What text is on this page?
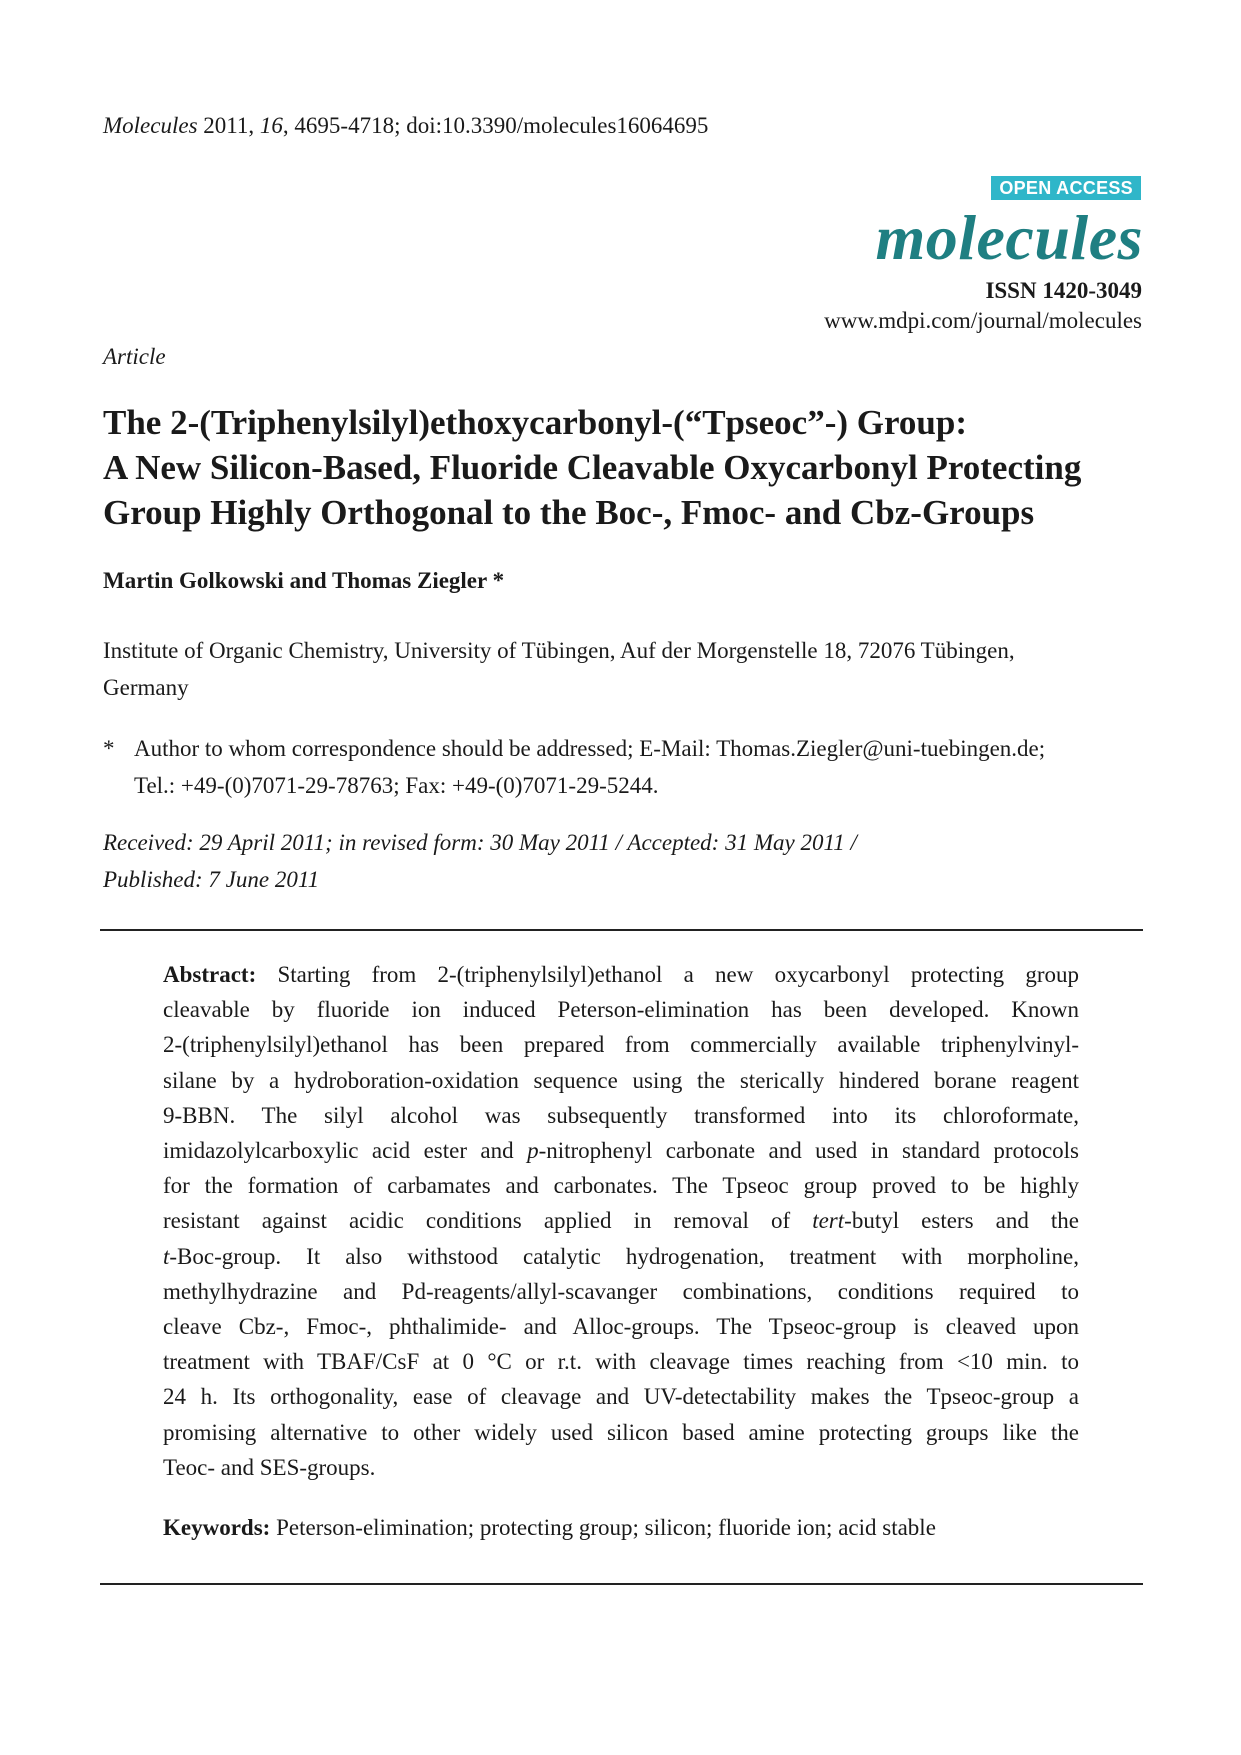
Molecules 2011, 16, 4695-4718; doi:10.3390/molecules16064695
OPEN ACCESS
molecules
ISSN 1420-3049
www.mdpi.com/journal/molecules
Article
The 2-(Triphenylsilyl)ethoxycarbonyl-(“Tpseoc”-) Group:
A New Silicon-Based, Fluoride Cleavable Oxycarbonyl Protecting
Group Highly Orthogonal to the Boc-, Fmoc- and Cbz-Groups
Martin Golkowski and Thomas Ziegler *
Institute of Organic Chemistry, University of Tübingen, Auf der Morgenstelle 18, 72076 Tübingen,
Germany
* Author to whom correspondence should be addressed; E-Mail: Thomas.Ziegler@uni-tuebingen.de;
Tel.: +49-(0)7071-29-78763; Fax: +49-(0)7071-29-5244.
Received: 29 April 2011; in revised form: 30 May 2011 / Accepted: 31 May 2011 /
Published: 7 June 2011
Abstract: Starting from 2-(triphenylsilyl)ethanol a new oxycarbonyl protecting group
cleavable by fluoride ion induced Peterson-elimination has been developed. Known
2-(triphenylsilyl)ethanol has been prepared from commercially available triphenylvinyl-
silane by a hydroboration-oxidation sequence using the sterically hindered borane reagent
9-BBN. The silyl alcohol was subsequently transformed into its chloroformate,
imidazolylcarboxylic acid ester and p-nitrophenyl carbonate and used in standard protocols
for the formation of carbamates and carbonates. The Tpseoc group proved to be highly
resistant against acidic conditions applied in removal of tert-butyl esters and the
t-Boc-group. It also withstood catalytic hydrogenation, treatment with morpholine,
methylhydrazine and Pd-reagents/allyl-scavanger combinations, conditions required to
cleave Cbz-, Fmoc-, phthalimide- and Alloc-groups. The Tpseoc-group is cleaved upon
treatment with TBAF/CsF at 0 °C or r.t. with cleavage times reaching from <10 min. to
24 h. Its orthogonality, ease of cleavage and UV-detectability makes the Tpseoc-group a
promising alternative to other widely used silicon based amine protecting groups like the
Teoc- and SES-groups.
Keywords: Peterson-elimination; protecting group; silicon; fluoride ion; acid stable
